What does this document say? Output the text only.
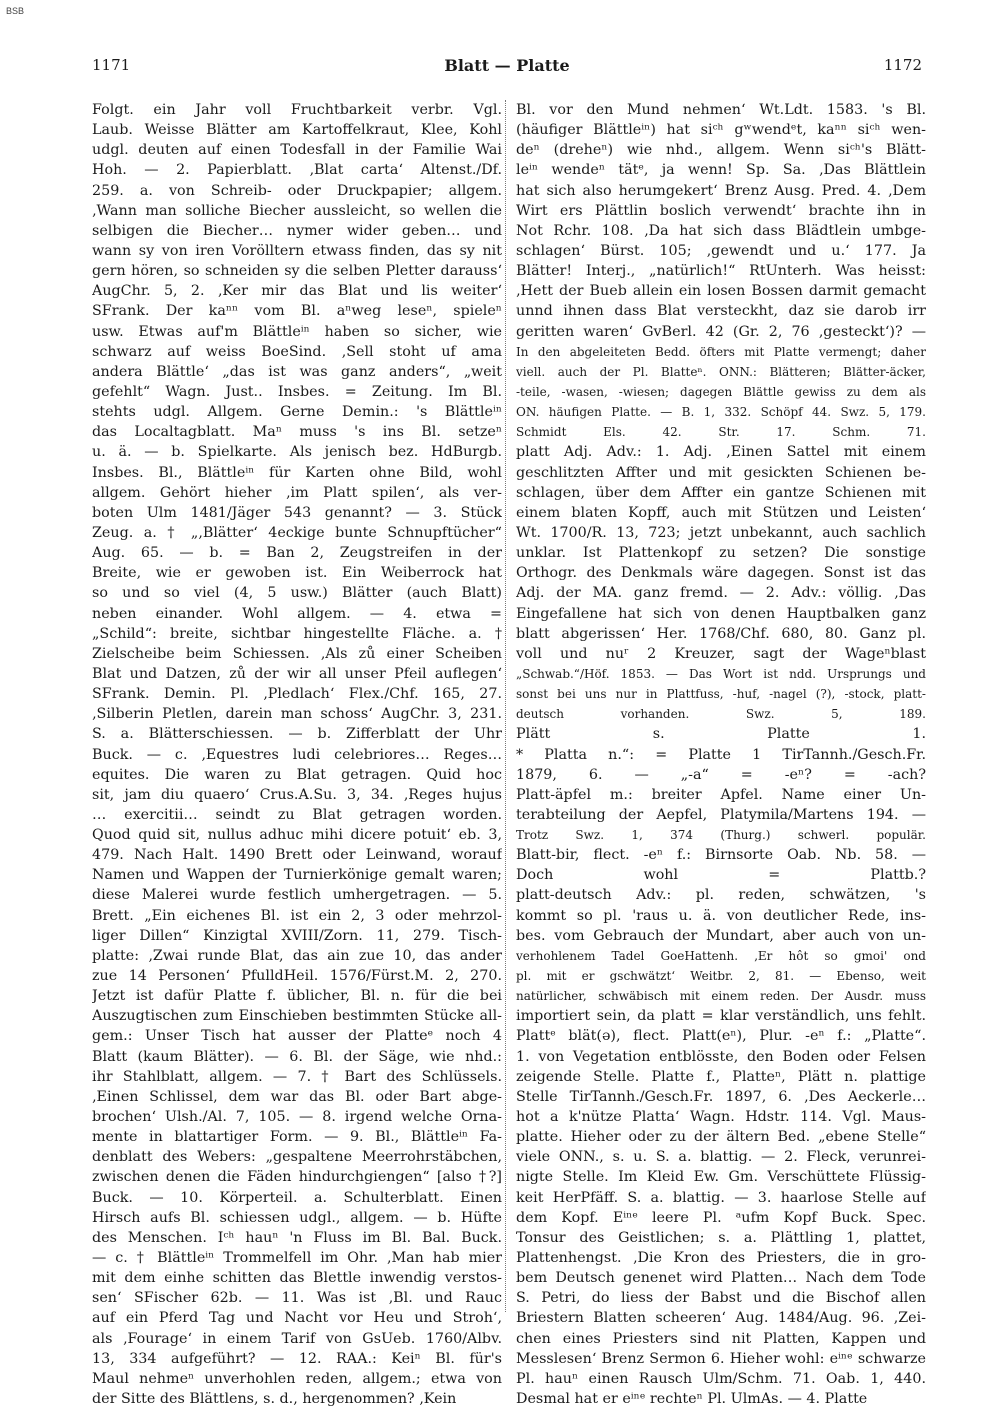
BSB
1171	Blatt — Platte	1172
Folgt. ein Jahr voll Fruchtbarkeit verbr. Vgl.
Laub. Weisse Blätter am Kartoffelkraut, Klee, Kohl
udgl. deuten auf einen Todesfall in der Familie Wai
Hoh. — 2. Papierblatt. ‚Blat carta‘ Altenst./Df.
259. a. von Schreib- oder Druckpapier; allgem.
‚Wann man solliche Biecher aussleicht, so wellen die
selbigen die Biecher… nymer wider geben… und
wann sy von iren Vorölltern etwass finden, das sy nit
gern hören, so schneiden sy die selben Pletter darauss‘
AugChr. 5, 2. ‚Ker mir das Blat und lis weiter‘
SFrank. Der kaⁿⁿ vom Bl. aⁿweg leseⁿ, spieleⁿ
usw. Etwas auf'm Blättleⁱⁿ haben so sicher, wie
schwarz auf weiss BoeSind. ‚Sell stoht uf ama
andera Blättle‘ „das ist was ganz anders“, „weit
gefehlt“ Wagn. Just.. Insbes. = Zeitung. Im Bl.
stehts udgl. Allgem. Gerne Demin.: 's Blättleⁱⁿ
das Localtagblatt. Maⁿ muss 's ins Bl. setzeⁿ
u. ä. — b. Spielkarte. Als jenisch bez. HdBurgb.
Insbes. Bl., Blättleⁱⁿ für Karten ohne Bild, wohl
allgem. Gehört hieher ‚im Platt spilen‘, als ver-
boten Ulm 1481/Jäger 543 genannt? — 3. Stück
Zeug. a. † „‚Blätter‘ 4eckige bunte Schnupftücher“
Aug. 65. — b. = Ban 2, Zeugstreifen in der
Breite, wie er gewoben ist. Ein Weiberrock hat
so und so viel (4, 5 usw.) Blätter (auch Blatt)
neben einander. Wohl allgem. — 4. etwa =
„Schild“: breite, sichtbar hingestellte Fläche. a. †
Zielscheibe beim Schiessen. ‚Als zů einer Scheiben
Blat und Datzen, zů der wir all unser Pfeil auflegen‘
SFrank. Demin. Pl. ‚Pledlach‘ Flex./Chf. 165, 27.
‚Silberin Pletlen, darein man schoss‘ AugChr. 3, 231.
S. a. Blätterschiessen. — b. Zifferblatt der Uhr
Buck. — c. ‚Equestres ludi celebriores… Reges…
equites. Die waren zu Blat getragen. Quid hoc
sit, jam diu quaero‘ Crus.A.Su. 3, 34. ‚Reges hujus
… exercitii… seindt zu Blat getragen worden.
Quod quid sit, nullus adhuc mihi dicere potuit‘ eb. 3,
479. Nach Halt. 1490 Brett oder Leinwand, worauf
Namen und Wappen der Turnierkönige gemalt waren;
diese Malerei wurde festlich umhergetragen. — 5.
Brett. „Ein eichenes Bl. ist ein 2, 3 oder mehrzol-
liger Dillen“ Kinzigtal XVIII/Zorn. 11, 279. Tisch-
platte: ‚Zwai runde Blat, das ain zue 10, das ander
zue 14 Personen‘ PfulldHeil. 1576/Fürst.M. 2, 270.
Jetzt ist dafür Platte f. üblicher, Bl. n. für die bei
Auszugtischen zum Einschieben bestimmten Stücke all-
gem.: Unser Tisch hat ausser der Platteᵉ noch 4
Blatt (kaum Blätter). — 6. Bl. der Säge, wie nhd.:
ihr Stahlblatt, allgem. — 7. † Bart des Schlüssels.
‚Einen Schlissel, dem war das Bl. oder Bart abge-
brochen‘ Ulsh./Al. 7, 105. — 8. irgend welche Orna-
mente in blattartiger Form. — 9. Bl., Blättleⁱⁿ Fa-
denblatt des Webers: „gespaltene Meerrohrstäbchen,
zwischen denen die Fäden hindurchgiengen“ [also †?]
Buck. — 10. Körperteil. a. Schulterblatt. Einen
Hirsch aufs Bl. schiessen udgl., allgem. — b. Hüfte
des Menschen. Iᶜʰ hauⁿ 'n Fluss im Bl. Bal. Buck.
— c. † Blättleⁱⁿ Trommelfell im Ohr. ‚Man hab mier
mit dem einhe schitten das Blettle inwendig verstos-
sen‘ SFischer 62b. — 11. Was ist ‚Bl. und Rauc
auf ein Pferd Tag und Nacht vor Heu und Stroh‘,
als ‚Fourage‘ in einem Tarif von GsUeb. 1760/Albv.
13, 334 aufgeführt? — 12. RAA.: Keiⁿ Bl. für's
Maul nehmeⁿ unverhohlen reden, allgem.; etwa von
der Sitte des Blättlens, s. d., hergenommen? ‚Kein
Bl. vor den Mund nehmen‘ Wt.Ldt. 1583. 's Bl.
(häufiger Blättleⁱⁿ) hat siᶜʰ gʷwendᵉt, kaⁿⁿ siᶜʰ wen-
deⁿ (dreheⁿ) wie nhd., allgem. Wenn siᶜʰ's Blätt-
leⁱⁿ wendeⁿ tätᵉ, ja wenn! Sp. Sa. ‚Das Blättlein
hat sich also herumgekert‘ Brenz Ausg. Pred. 4. ‚Dem
Wirt ers Plättlin boslich verwendt‘ brachte ihn in
Not Rchr. 108. ‚Da hat sich dass Blädtlein umbge-
schlagen‘ Bürst. 105; ‚gewendt und u.‘ 177. Ja
Blätter! Interj., „natürlich!“ RtUnterh. Was heisst:
‚Hett der Bueb allein ein losen Bossen darmit gemacht
unnd ihnen dass Blat versteckht, daz sie darob irr
geritten waren‘ GvBerl. 42 (Gr. 2, 76 ‚gesteckt‘)? —
In den abgeleiteten Bedd. öfters mit Platte vermengt; daher
viell. auch der Pl. Blatteⁿ. ONN.: Blätteren; Blätter-äcker,
-teile, -wasen, -wiesen; dagegen Blättle gewiss zu dem als
ON. häufigen Platte. — B. 1, 332. Schöpf 44. Swz. 5, 179.
Schmidt Els. 42. Str. 17. Schm. 71.
platt Adj. Adv.: 1. Adj. ‚Einen Sattel mit einem
geschlitzten Affter und mit gesickten Schienen be-
schlagen, über dem Affter ein gantze Schienen mit
einem blaten Kopff, auch mit Stützen und Leisten‘
Wt. 1700/R. 13, 723; jetzt unbekannt, auch sachlich
unklar. Ist Plattenkopf zu setzen? Die sonstige
Orthogr. des Denkmals wäre dagegen. Sonst ist das
Adj. der MA. ganz fremd. — 2. Adv.: völlig. ‚Das
Eingefallene hat sich von denen Hauptbalken ganz
blatt abgerissen‘ Her. 1768/Chf. 680, 80. Ganz pl.
voll und nuʳ 2 Kreuzer, sagt der Wageⁿblast
„Schwab.“/Höf. 1853. — Das Wort ist ndd. Ursprungs und
sonst bei uns nur in Plattfuss, -huf, -nagel (?), -stock, platt-
deutsch vorhanden. Swz. 5, 189.
Plätt s. Platte 1.
* Platta n.“: = Platte 1 TirTannh./Gesch.Fr.
1879, 6. — „-a“ = -eⁿ? = -ach?
Platt-äpfel m.: breiter Apfel. Name einer Un-
terabteilung der Aepfel, Platymila/Martens 194. —
Trotz Swz. 1, 374 (Thurg.) schwerl. populär.
Blatt-bir, flect. -eⁿ f.: Birnsorte Oab. Nb. 58. —
Doch wohl = Plattb.?
platt-deutsch Adv.: pl. reden, schwätzen, 's
kommt so pl. 'raus u. ä. von deutlicher Rede, ins-
bes. vom Gebrauch der Mundart, aber auch von un-
verhohlenem Tadel GoeHattenh. ‚Er hôt so gmoi' ond
pl. mit er gschwätzt‘ Weitbr. 2, 81. — Ebenso, weit
natürlicher, schwäbisch mit einem reden. Der Ausdr. muss
importiert sein, da platt = klar verständlich, uns fehlt.
Plattᵉ blät(ə), flect. Platt(eⁿ), Plur. -eⁿ f.: „Platte“.
1. von Vegetation entblösste, den Boden oder Felsen
zeigende Stelle. Platte f., Platteⁿ, Plätt n. plattige
Stelle TirTannh./Gesch.Fr. 1897, 6. ‚Des Aeckerle…
hot a k'nütze Platta‘ Wagn. Hdstr. 114. Vgl. Maus-
platte. Hieher oder zu der ältern Bed. „ebene Stelle“
viele ONN., s. u. S. a. blattig. — 2. Fleck, verunrei-
nigte Stelle. Im Kleid Ew. Gm. Verschüttete Flüssig-
keit HerPfäff. S. a. blattig. — 3. haarlose Stelle auf
dem Kopf. Eⁱⁿᵉ leere Pl. ᵃufm Kopf Buck. Spec.
Tonsur des Geistlichen; s. a. Plättling 1, plattet,
Plattenhengst. ‚Die Kron des Priesters, die in gro-
bem Deutsch genenet wird Platten… Nach dem Tode
S. Petri, do liess der Babst und die Bischof allen
Briestern Blatten scheeren‘ Aug. 1484/Aug. 96. ‚Zei-
chen eines Priesters sind nit Platten, Kappen und
Messlesen‘ Brenz Sermon 6. Hieher wohl: eⁱⁿᵉ schwarze
Pl. hauⁿ einen Rausch Ulm/Schm. 71. Oab. 1, 440.
Desmal hat er eⁱⁿᵉ rechteⁿ Pl. UlmAs. — 4. Platte
